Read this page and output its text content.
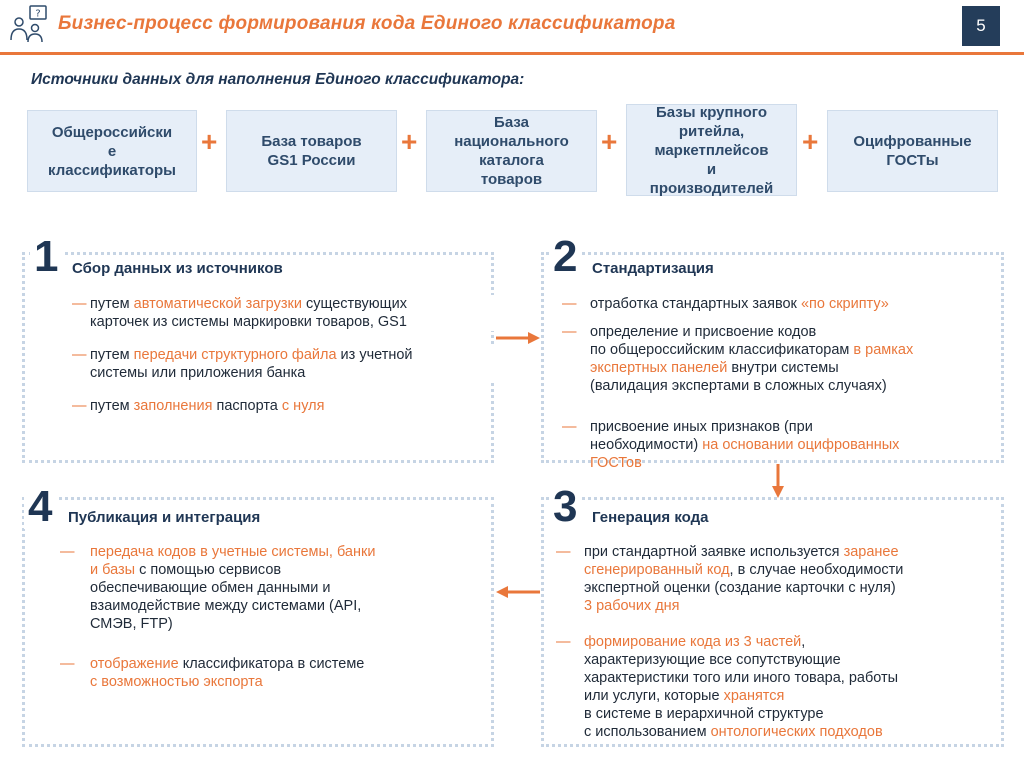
? Бизнес-процесс формирования кода Единого классификатора	5
Источники данных для наполнения Единого классификатора:
Общероссийски
е
классификаторы
+	База товаров
GS1 России
+
База
национального
каталога
товаров
+
Базы крупного
ритейла,
маркетплейсов
и
производителей
+ Оцифрованные
ГОСТы
1 Сбор данных из источников
— путем автоматической загрузки существующих
карточек из системы маркировки товаров, GS1
— путем передачи структурного файла из учетной
системы или приложения банка
— путем заполнения паспорта с нуля
2 Стандартизация
— отработка стандартных заявок «по скрипту»
— определение и присвоение кодов
по общероссийским классификаторам в рамках
экспертных панелей внутри системы
(валидация экспертами в сложных случаях)
— присвоение иных признаков (при
необходимости) на основании оцифрованных
ГОСТов
4 Публикация и интеграция
—	передача кодов в учетные системы, банки
и базы с помощью сервисов
обеспечивающие обмен данными и
взаимодействие между системами (API,
СМЭВ, FTP)
—	отображение классификатора в системе
с возможностью экспорта
3 Генерация кода
— при стандартной заявке используется заранее
сгенерированный код, в случае необходимости
экспертной оценки (создание карточки с нуля)
3 рабочих дня
— формирование кода из 3 частей,
характеризующие все сопутствующие
характеристики того или иного товара, работы
или услуги, которые хранятся
в системе в иерархичной структуре
с использованием онтологических подходов
